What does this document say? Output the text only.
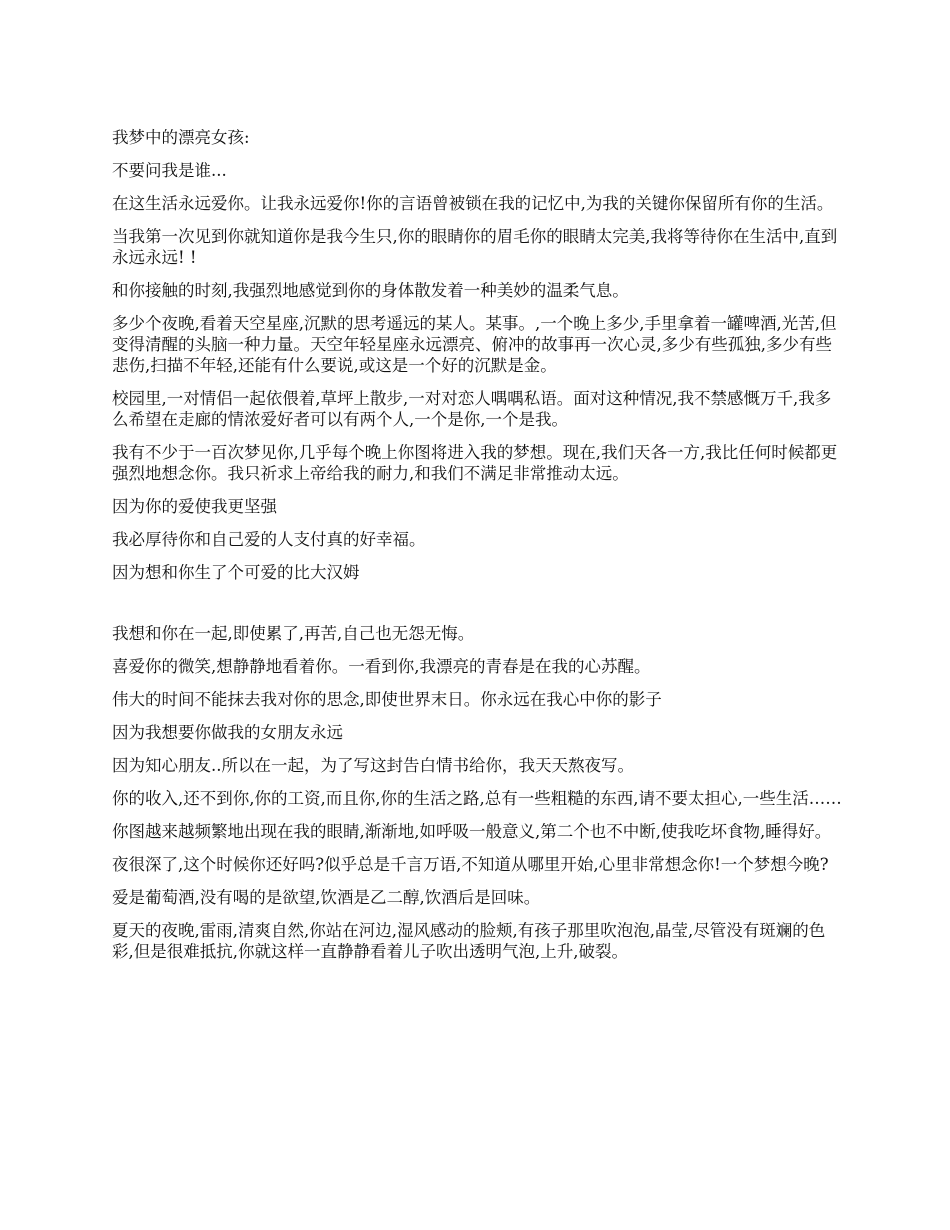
我梦中的漂亮女孩:

不要问我是谁...

在这生活永远爱你。让我永远爱你!你的言语曾被锁在我的记忆中,为我的关键你保留所有你的生活。

当我第一次见到你就知道你是我今生只,你的眼睛你的眉毛你的眼睛太完美,我将等待你在生活中,直到永远永远! !

和你接触的时刻,我强烈地感觉到你的身体散发着一种美妙的温柔气息。

多少个夜晚,看着天空星座,沉默的思考遥远的某人。某事。,一个晚上多少,手里拿着一罐啤酒,光苦,但变得清醒的头脑一种力量。天空年轻星座永远漂亮、俯冲的故事再一次心灵,多少有些孤独,多少有些悲伤,扫描不年轻,还能有什么要说,或这是一个好的沉默是金。

校园里,一对情侣一起依偎着,草坪上散步,一对对恋人喁喁私语。面对这种情况,我不禁感慨万千,我多么希望在走廊的情浓爱好者可以有两个人,一个是你,一个是我。

我有不少于一百次梦见你,几乎每个晚上你图将进入我的梦想。现在,我们天各一方,我比任何时候都更强烈地想念你。我只祈求上帝给我的耐力,和我们不满足非常推动太远。

因为你的爱使我更坚强

我必厚待你和自己爱的人支付真的好幸福。

因为想和你生了个可爱的比大汉姆

我想和你在一起,即使累了,再苦,自己也无怨无悔。

喜爱你的微笑,想静静地看着你。一看到你,我漂亮的青春是在我的心苏醒。

伟大的时间不能抹去我对你的思念,即使世界末日。你永远在我心中你的影子

因为我想要你做我的女朋友永远

因为知心朋友..所以在一起，为了写这封告白情书给你，我天天熬夜写。

你的收入,还不到你,你的工资,而且你,你的生活之路,总有一些粗糙的东西,请不要太担心,一些生活……

你图越来越频繁地出现在我的眼睛,渐渐地,如呼吸一般意义,第二个也不中断,使我吃坏食物,睡得好。

夜很深了,这个时候你还好吗?似乎总是千言万语,不知道从哪里开始,心里非常想念你!一个梦想今晚?

爱是葡萄酒,没有喝的是欲望,饮酒是乙二醇,饮酒后是回味。

夏天的夜晚,雷雨,清爽自然,你站在河边,湿风感动的脸颊,有孩子那里吹泡泡,晶莹,尽管没有斑斓的色彩,但是很难抵抗,你就这样一直静静看着儿子吹出透明气泡,上升,破裂。
